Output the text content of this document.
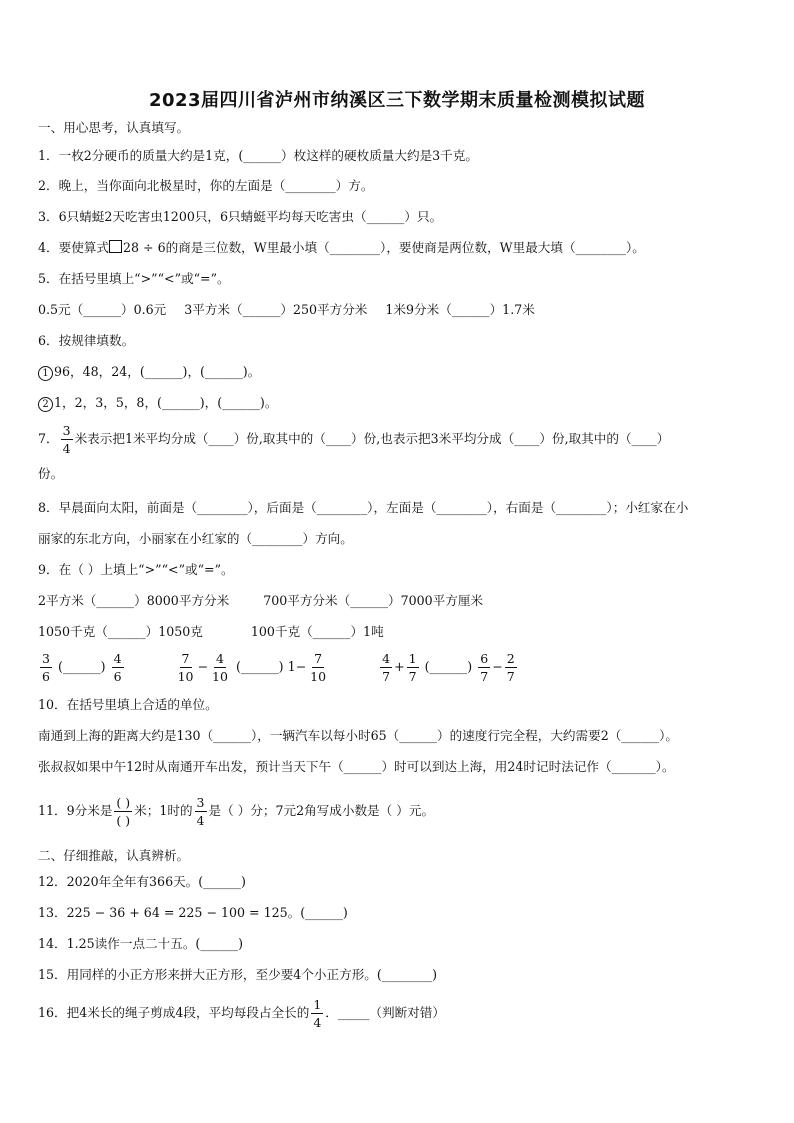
2023届四川省泸州市纳溪区三下数学期末质量检测模拟试题
一、用心思考，认真填写。
1．一枚2分硬币的质量大约是1克，(______）枚这样的硬枚质量大约是3千克。
2．晚上，当你面向北极星时，你的左面是（________）方。
3．6只蜻蜓2天吃害虫1200只，6只蜻蜓平均每天吃害虫（______）只。
4．要使算式 28 ÷ 6的商是三位数，W里最小填（________），要使商是两位数，W里最大填（________）。
5．在括号里填上“>”“<”或“=”。
0.5元（______）0.6元 3平方米（______）250平方分米 1米9分米（______）1.7米
6．按规律填数。
1 96，48，24，(______)，(______)。
2 1，2，3，5，8，(______)，(______)。
7． $\frac{3}{4}$ 米表示把1米平均分成（____）份,取其中的（____）份,也表示把3米平均分成（____）份,取其中的（____）
份。
8．早晨面向太阳，前面是（________），后面是（________），左面是（________），右面是（________）；小红家在小
丽家的东北方向，小丽家在小红家的（________）方向。
9．在（ ）上填上“>”“<”或“=”。
2平方米（______）8000平方分米	700平方分米（______）7000平方厘米
1050千克（______）1050克	100千克（______）1吨
$\frac{3}{6}$ (______) $\frac{4}{6}$
	$\frac{7}{10} - \frac{4}{10}$ (______) $1- \frac{7}{10}$
	$\frac{4}{7} + \frac{1}{7}$ (______) $\frac{6}{7} - \frac{2}{7}$
10．在括号里填上合适的单位。
南通到上海的距离大约是130（______），一辆汽车以每小时65（______）的速度行完全程，大约需要2（______）。
张叔叔如果中午12时从南通开车出发，预计当天下午（______）时可以到达上海，用24时记时法记作（_______）。
11．9分米是 $\frac{( )}{( )}$ 米；1时的 $\frac{3}{4}$ 是（ ）分；7元2角写成小数是（ ）元。
二、仔细推敲，认真辨析。
12．2020年全年有366天。(______)
13．225 − 36 + 64 = 225 − 100 = 125。(______)
14．1.25读作一点二十五。(______)
15．用同样的小正方形来拼大正方形，至少要4个小正方形。(________)
16．把4米长的绳子剪成4段，平均每段占全长的 $\frac{1}{4}$ ．_____（判断对错）
